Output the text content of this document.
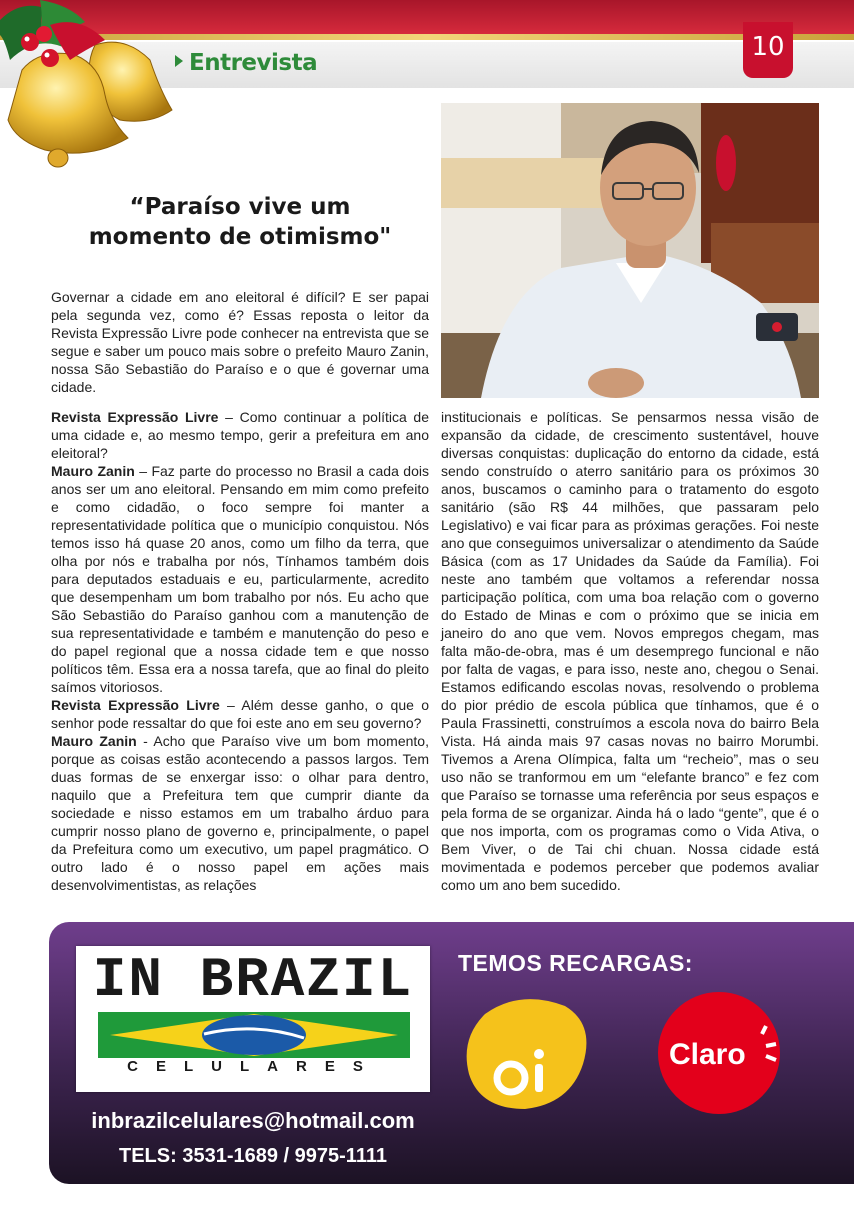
Entrevista
10
“Paraíso vive um
momento de otimismo"
Governar a cidade em ano eleitoral é difícil? E ser papai pela segunda vez, como é? Essas reposta o leitor da Revista Expressão Livre pode conhecer na entrevista que se segue e saber um pouco mais sobre o prefeito Mauro Zanin, nossa São Sebastião do Paraíso e o que é governar uma cidade.

Revista Expressão Livre – Como continuar a política de uma cidade e, ao mesmo tempo, gerir a prefeitura em ano eleitoral?

Mauro Zanin – Faz parte do processo no Brasil a cada dois anos ser um ano eleitoral. Pensando em mim como prefeito e como cidadão, o foco sempre foi manter a representatividade política que o município conquistou. Nós temos isso há quase 20 anos, como um filho da terra, que olha por nós e trabalha por nós, Tínhamos também dois para deputados estaduais e eu, particularmente, acredito que desempenham um bom trabalho por nós. Eu acho que São Sebastião do Paraíso ganhou com a manutenção de sua representatividade e também e manutenção do peso e do papel regional que a nossa cidade tem e que nosso políticos têm. Essa era a nossa tarefa, que ao final do pleito saímos vitoriosos.

Revista Expressão Livre – Além desse ganho, o que o senhor pode ressaltar do que foi este ano em seu governo?

Mauro Zanin - Acho que Paraíso vive um bom momento, porque as coisas estão acontecendo a passos largos. Tem duas formas de se enxergar isso: o olhar para dentro, naquilo que a Prefeitura tem que cumprir diante da sociedade e nisso estamos em um trabalho árduo para cumprir nosso plano de governo e, principalmente, o papel da Prefeitura como um executivo, um papel pragmático. O outro lado é o nosso papel em ações mais desenvolvimentistas, as relações

institucionais e políticas. Se pensarmos nessa visão de expansão da cidade, de crescimento sustentável, houve diversas conquistas: duplicação do entorno da cidade, está sendo construído o aterro sanitário para os próximos 30 anos, buscamos o caminho para o tratamento do esgoto sanitário (são R$ 44 milhões, que passaram pelo Legislativo) e vai ficar para as próximas gerações. Foi neste ano que conseguimos universalizar o atendimento da Saúde Básica (com as 17 Unidades da Saúde da Família). Foi neste ano também que voltamos a referendar nossa participação política, com uma boa relação com o governo do Estado de Minas e com o próximo que se inicia em janeiro do ano que vem. Novos empregos chegam, mas falta mão-de-obra, mas é um desemprego funcional e não por falta de vagas, e para isso, neste ano, chegou o Senai. Estamos edificando escolas novas, resolvendo o problema do pior prédio de escola pública que tínhamos, que é o Paula Frassinetti, construímos a escola nova do bairro Bela Vista. Há ainda mais 97 casas novas no bairro Morumbi. Tivemos a Arena Olímpica, falta um “recheio”, mas o seu uso não se tranformou em um “elefante branco” e fez com que Paraíso se tornasse uma referência por seus espaços e pela forma de se organizar. Ainda há o lado “gente”, que é o que nos importa, com os programas como o Vida Ativa, o Bem Viver, o de Tai chi chuan. Nossa cidade está movimentada e podemos perceber que podemos avaliar como um ano bem sucedido.

IN BRAZIL
CELULARES
TEMOS RECARGAS:
oi	Claro
inbrazilcelulares@hotmail.com
TELS: 3531-1689 / 9975-1111
